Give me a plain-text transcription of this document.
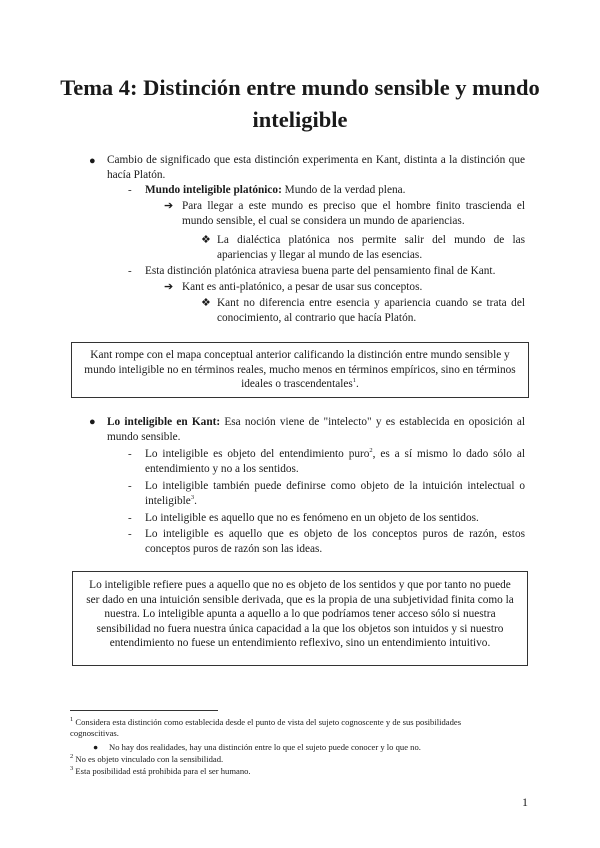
Tema 4: Distinción entre mundo sensible y mundo inteligible
● Cambio de significado que esta distinción experimenta en Kant, distinta a la distinción que hacía Platón.

- Mundo inteligible platónico: Mundo de la verdad plena.

➔ Para llegar a este mundo es preciso que el hombre finito trascienda el mundo sensible, el cual se considera un mundo de apariencias.

❖ La dialéctica platónica nos permite salir del mundo de las apariencias y llegar al mundo de las esencias.

- Esta distinción platónica atraviesa buena parte del pensamiento final de Kant.

➔ Kant es anti-platónico, a pesar de usar sus conceptos.

❖ Kant no diferencia entre esencia y apariencia cuando se trata del conocimiento, al contrario que hacía Platón.

Kant rompe con el mapa conceptual anterior calificando la distinción entre mundo sensible y mundo inteligible no en términos reales, mucho menos en términos empíricos, sino en términos ideales o trascendentales$^1$.

● Lo inteligible en Kant: Esa noción viene de "intelecto" y es establecida en oposición al mundo sensible.

- Lo inteligible es objeto del entendimiento puro$^2$, es a sí mismo lo dado sólo al entendimiento y no a los sentidos.

- Lo inteligible también puede definirse como objeto de la intuición intelectual o inteligible$^3$.

- Lo inteligible es aquello que no es fenómeno en un objeto de los sentidos.

- Lo inteligible es aquello que es objeto de los conceptos puros de razón, estos conceptos puros de razón son las ideas.

Lo inteligible refiere pues a aquello que no es objeto de los sentidos y que por tanto no puede ser dado en una intuición sensible derivada, que es la propia de una subjetividad finita como la nuestra. Lo inteligible apunta a aquello a lo que podríamos tener acceso sólo si nuestra sensibilidad no fuera nuestra única capacidad a la que los objetos son intuidos y si nuestro entendimiento no fuese un entendimiento reflexivo, sino un entendimiento intuitivo.

$^1$ Considera esta distinción como establecida desde el punto de vista del sujeto cognoscente y de sus posibilidades cognoscitivas.

● No hay dos realidades, hay una distinción entre lo que el sujeto puede conocer y lo que no.

$^2$ No es objeto vinculado con la sensibilidad.

$^3$ Esta posibilidad está prohibida para el ser humano.

1
